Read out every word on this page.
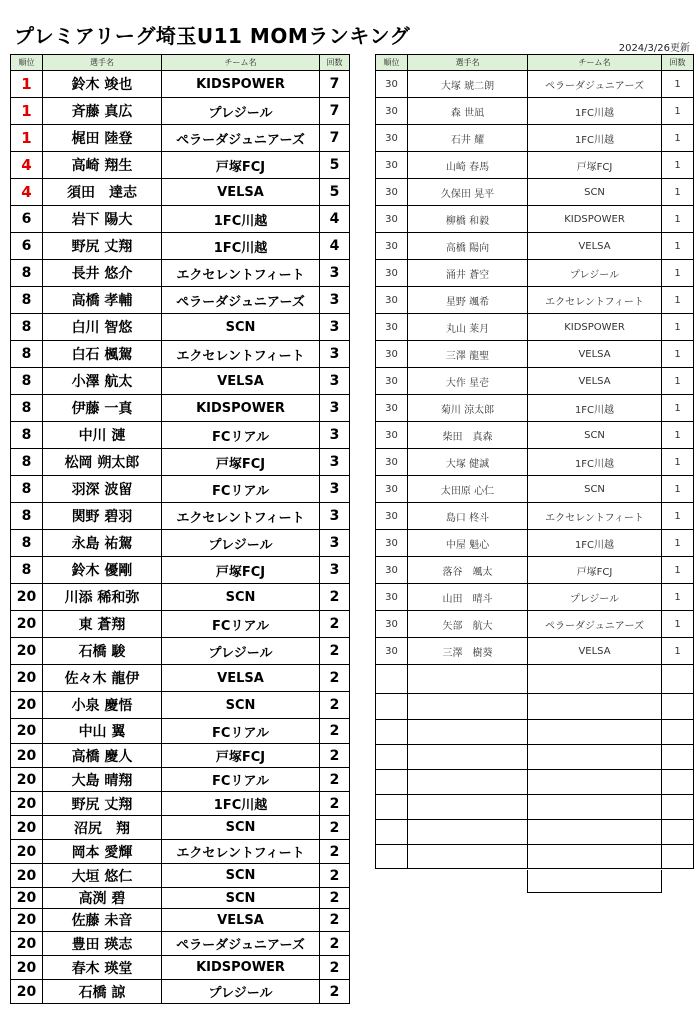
プレミアリーグ埼玉U11 MOMランキング
2024/3/26更新
順位	選手名	チーム名	回数
1	鈴木 竣也	KIDSPOWER	7
1	斉藤 真広	プレジール	7
1	梶田 陸登	ペラーダジュニアーズ	7
4	高崎 翔生	戸塚FCJ	5
4	須田　達志	VELSA	5
6	岩下 陽大	1FC川越	4
6	野尻 丈翔	1FC川越	4
8	長井 悠介	エクセレントフィート	3
8	高橋 孝輔	ペラーダジュニアーズ	3
8	白川 智悠	SCN	3
8	白石 楓駕	エクセレントフィート	3
8	小澤 航太	VELSA	3
8	伊藤 一真	KIDSPOWER	3
8	中川 漣	FCリアル	3
8	松岡 朔太郎	戸塚FCJ	3
8	羽深 波留	FCリアル	3
8	関野 碧羽	エクセレントフィート	3
8	永島 祐駕	プレジール	3
8	鈴木 優剛	戸塚FCJ	3
20	川添 稀和弥	SCN	2
20	東 蒼翔	FCリアル	2
20	石橋 駿	プレジール	2
20	佐々木 龍伊	VELSA	2
20	小泉 慶悟	SCN	2
20	中山 翼	FCリアル	2
20	高橋 慶人	戸塚FCJ	2
20	大島 晴翔	FCリアル	2
20	野尻 丈翔	1FC川越	2
20	沼尻　翔	SCN	2
20	岡本 愛輝	エクセレントフィート	2
20	大垣 悠仁	SCN	2
20	高渕 碧	SCN	2
20	佐藤 未音	VELSA	2
20	豊田 瑛志	ペラーダジュニアーズ	2
20	春木 瑛堂	KIDSPOWER	2
20	石橋 諒	プレジール	2
順位	選手名	チーム名	回数
30	大塚 琥二朗	ペラーダジュニアーズ	1
30	森 世凪	1FC川越	1
30	石井 耀	1FC川越	1
30	山崎 春馬	戸塚FCJ	1
30	久保田 晃平	SCN	1
30	柳橋 和毅	KIDSPOWER	1
30	高橋 陽向	VELSA	1
30	涌井 蒼空	プレジール	1
30	星野 颯希	エクセレントフィート	1
30	丸山 莱月	KIDSPOWER	1
30	三澤 龍聖	VELSA	1
30	大作 星壱	VELSA	1
30	菊川 涼太郎	1FC川越	1
30	柴田　真森	SCN	1
30	大塚 健誠	1FC川越	1
30	太田原 心仁	SCN	1
30	島口 柊斗	エクセレントフィート	1
30	中屋 魁心	1FC川越	1
30	落谷　颯太	戸塚FCJ	1
30	山田　晴斗	プレジール	1
30	矢部　航大	ペラーダジュニアーズ	1
30	三澤　樹葵	VELSA	1
